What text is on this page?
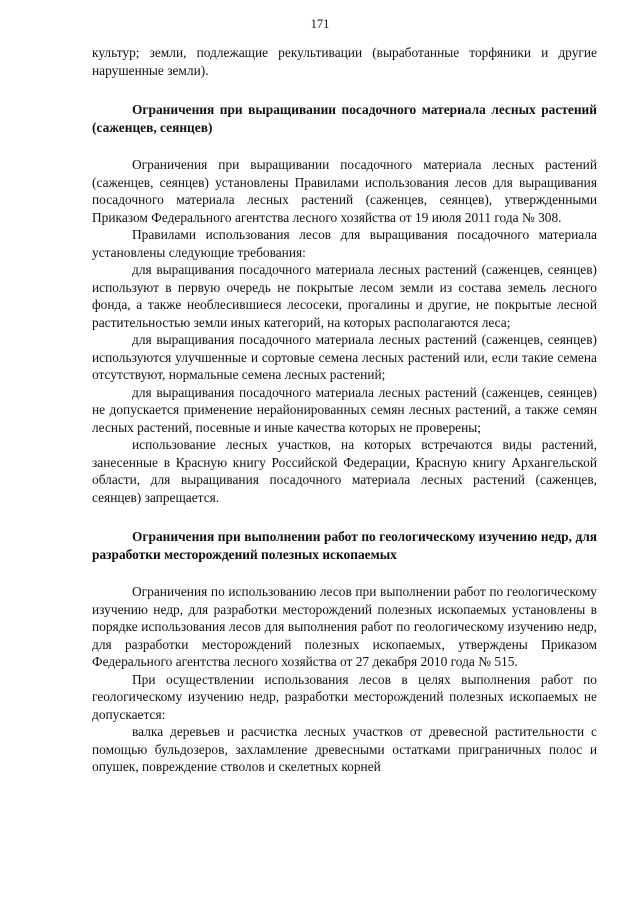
171

культур; земли, подлежащие рекультивации (выработанные торфяники и другие нарушенные земли).

Ограничения при выращивании посадочного материала лесных растений (саженцев, сеянцев)

Ограничения при выращивании посадочного материала лесных растений (саженцев, сеянцев) установлены Правилами использования лесов для выращивания посадочного материала лесных растений (саженцев, сеянцев), утвержденными Приказом Федерального агентства лесного хозяйства от 19 июля 2011 года № 308.

Правилами использования лесов для выращивания посадочного материала установлены следующие требования:

для выращивания посадочного материала лесных растений (саженцев, сеянцев) используют в первую очередь не покрытые лесом земли из состава земель лесного фонда, а также необлесившиеся лесосеки, прогалины и другие, не покрытые лесной растительностью земли иных категорий, на которых располагаются леса;

для выращивания посадочного материала лесных растений (саженцев, сеянцев) используются улучшенные и сортовые семена лесных растений или, если такие семена отсутствуют, нормальные семена лесных растений;

для выращивания посадочного материала лесных растений (саженцев, сеянцев) не допускается применение нерайонированных семян лесных растений, а также семян лесных растений, посевные и иные качества которых не проверены;

использование лесных участков, на которых встречаются виды растений, занесенные в Красную книгу Российской Федерации, Красную книгу Архангельской области, для выращивания посадочного материала лесных растений (саженцев, сеянцев) запрещается.

Ограничения при выполнении работ по геологическому изучению недр, для разработки месторождений полезных ископаемых

Ограничения по использованию лесов при выполнении работ по геологическому изучению недр, для разработки месторождений полезных ископаемых установлены в порядке использования лесов для выполнения работ по геологическому изучению недр, для разработки месторождений полезных ископаемых, утверждены Приказом Федерального агентства лесного хозяйства от 27 декабря 2010 года № 515.

При осуществлении использования лесов в целях выполнения работ по геологическому изучению недр, разработки месторождений полезных ископаемых не допускается:

валка деревьев и расчистка лесных участков от древесной растительности с помощью бульдозеров, захламление древесными остатками приграничных полос и опушек, повреждение стволов и скелетных корней
